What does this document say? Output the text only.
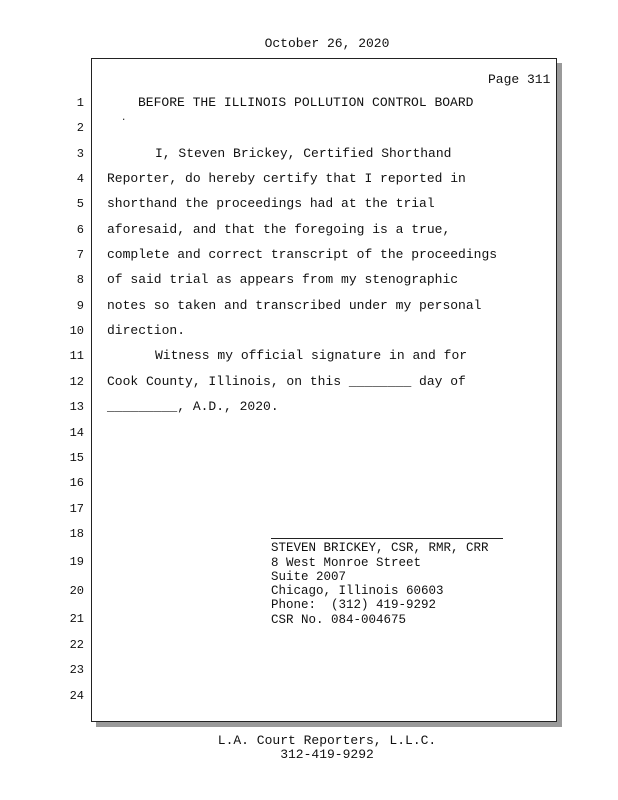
October 26, 2020
Page 311
1
2
3
4
5
6
7
8
9
10
11
12
13
14
15
16
17
18
19
20
21
22
23
24
BEFORE THE ILLINOIS POLLUTION CONTROL BOARD
.
I, Steven Brickey, Certified Shorthand
Reporter, do hereby certify that I reported in
shorthand the proceedings had at the trial
aforesaid, and that the foregoing is a true,
complete and correct transcript of the proceedings
of said trial as appears from my stenographic
notes so taken and transcribed under my personal
direction.
Witness my official signature in and for
Cook County, Illinois, on this ________ day of
_________, A.D., 2020.
STEVEN BRICKEY, CSR, RMR, CRR
8 West Monroe Street
Suite 2007
Chicago, Illinois 60603
Phone:  (312) 419-9292
CSR No. 084-004675
L.A. Court Reporters, L.L.C.
312-419-9292
